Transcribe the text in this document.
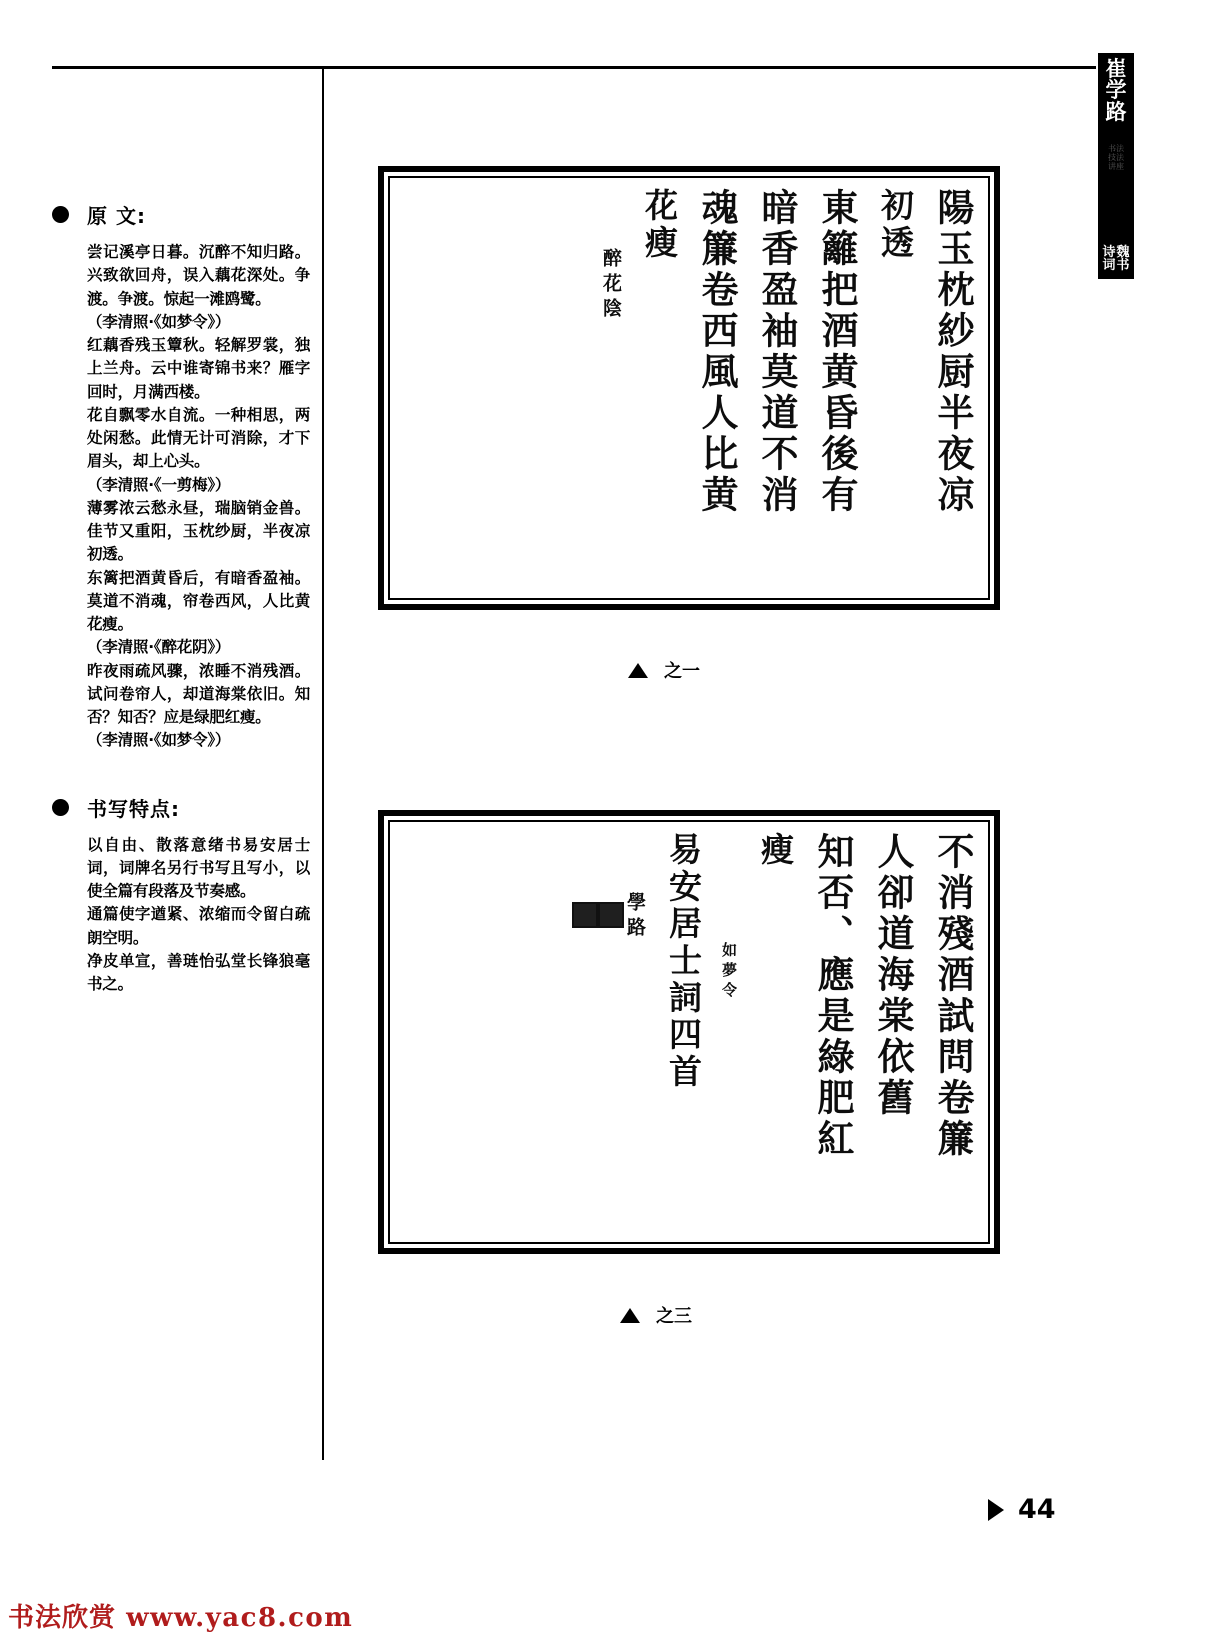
崔
学
路
书法
技法
讲座
魏
书
诗
词
原 文:
尝记溪亭日暮。沉醉不知归路。兴致欲回舟，误入藕花深处。争渡。争渡。惊起一滩鸥鹭。
（李清照·《如梦令》）
红藕香残玉簟秋。轻解罗裳，独上兰舟。云中谁寄锦书来？雁字回时，月满西楼。
花自飘零水自流。一种相思，两处闲愁。此情无计可消除，才下眉头，却上心头。
（李清照·《一剪梅》）
薄雾浓云愁永昼，瑞脑销金兽。佳节又重阳，玉枕纱厨，半夜凉初透。
东篱把酒黄昏后，有暗香盈袖。莫道不消魂，帘卷西风，人比黄花瘦。
（李清照·《醉花阴》）
昨夜雨疏风骤，浓睡不消残酒。试问卷帘人，却道海棠依旧。知否？知否？应是绿肥红瘦。
（李清照·《如梦令》）
书写特点:
以自由、散落意绪书易安居士词，词牌名另行书写且写小，以使全篇有段落及节奏感。
通篇使字遒紧、浓缩而令留白疏朗空明。
净皮单宣，善琏怡弘堂长锋狼毫书之。
陽玉枕紗厨半夜凉
初透
東籬把酒黄昏後有
暗香盈袖莫道不消
魂簾卷西風人比黄
花瘦
醉花陰
之一
不消殘酒試問卷簾
人卻道海棠依舊
知否、應是綠肥紅
瘦
如夢令
易安居士詞四首
學路
之三
44
书法欣赏 www.yac8.com
